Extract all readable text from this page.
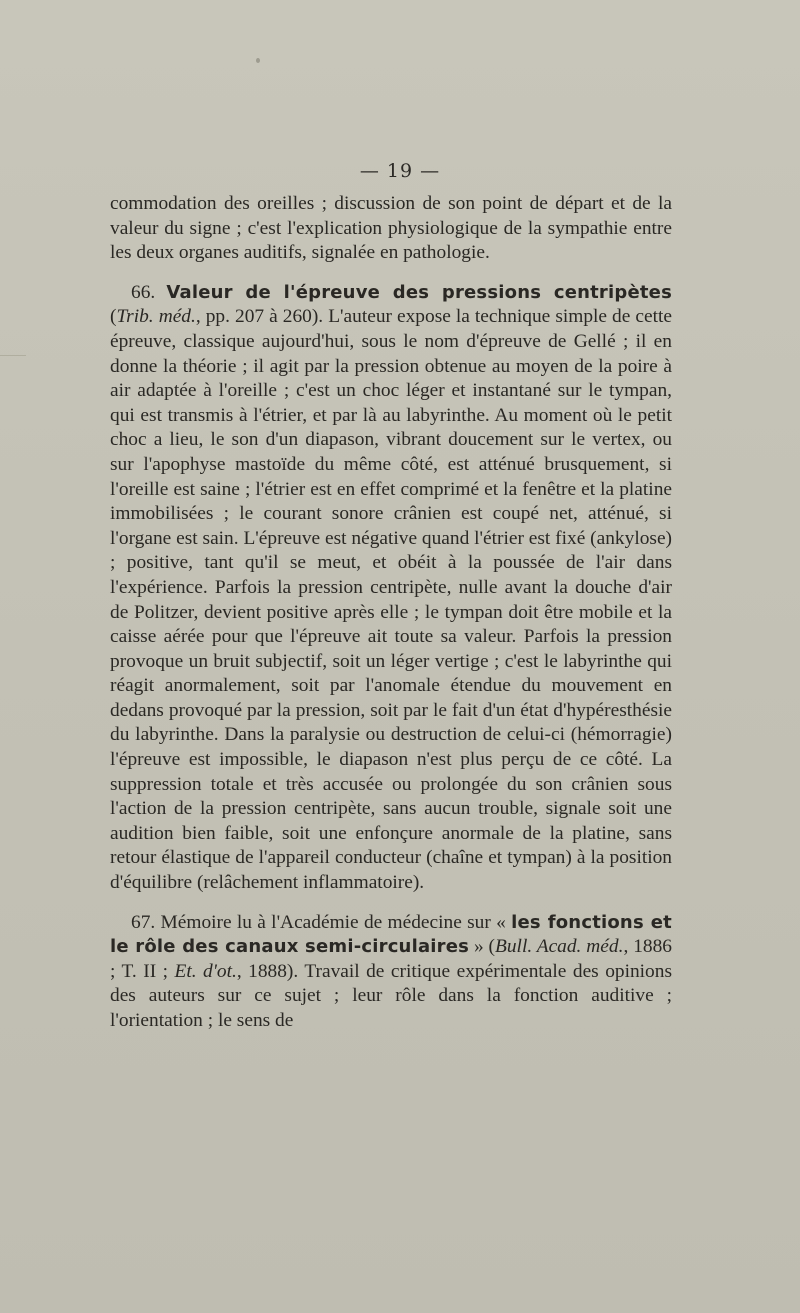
— 19 —

commodation des oreilles ; discussion de son point de départ et de la valeur du signe ; c'est l'explication physiologique de la sympathie entre les deux organes auditifs, signalée en pathologie.

66. Valeur de l'épreuve des pressions centripètes (Trib. méd., pp. 207 à 260). L'auteur expose la technique simple de cette épreuve, classique aujourd'hui, sous le nom d'épreuve de Gellé ; il en donne la théorie ; il agit par la pression obtenue au moyen de la poire à air adaptée à l'oreille ; c'est un choc léger et instantané sur le tympan, qui est transmis à l'étrier, et par là au labyrinthe. Au moment où le petit choc a lieu, le son d'un diapason, vibrant doucement sur le vertex, ou sur l'apophyse mastoïde du même côté, est atténué brusquement, si l'oreille est saine ; l'étrier est en effet comprimé et la fenêtre et la platine immobilisées ; le courant sonore crânien est coupé net, atténué, si l'organe est sain. L'épreuve est négative quand l'étrier est fixé (ankylose) ; positive, tant qu'il se meut, et obéit à la poussée de l'air dans l'expérience. Parfois la pression centripète, nulle avant la douche d'air de Politzer, devient positive après elle ; le tympan doit être mobile et la caisse aérée pour que l'épreuve ait toute sa valeur. Parfois la pression provoque un bruit subjectif, soit un léger vertige ; c'est le labyrinthe qui réagit anormalement, soit par l'anomale étendue du mouvement en dedans provoqué par la pression, soit par le fait d'un état d'hypéresthésie du labyrinthe. Dans la paralysie ou destruction de celui-ci (hémorragie) l'épreuve est impossible, le diapason n'est plus perçu de ce côté. La suppression totale et très accusée ou prolongée du son crânien sous l'action de la pression centripète, sans aucun trouble, signale soit une audition bien faible, soit une enfonçure anormale de la platine, sans retour élastique de l'appareil conducteur (chaîne et tympan) à la position d'équilibre (relâchement inflammatoire).

67. Mémoire lu à l'Académie de médecine sur « les fonctions et le rôle des canaux semi-circulaires » (Bull. Acad. méd., 1886 ; T. II ; Et. d'ot., 1888). Travail de critique expérimentale des opinions des auteurs sur ce sujet ; leur rôle dans la fonction auditive ; l'orientation ; le sens de
